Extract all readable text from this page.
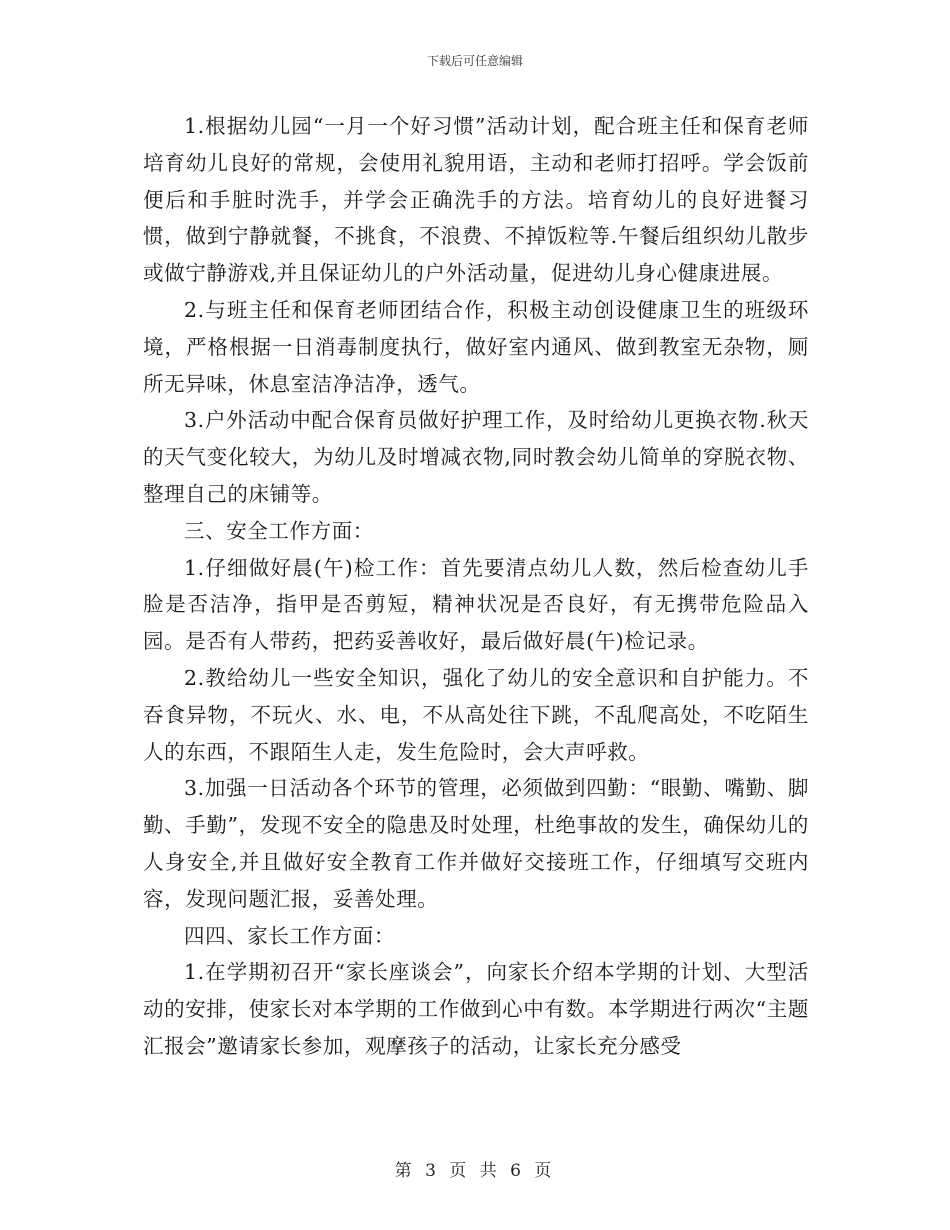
下载后可任意编辑

1.根据幼儿园“一月一个好习惯”活动计划，配合班主任和保育老师培育幼儿良好的常规，会使用礼貌用语，主动和老师打招呼。学会饭前便后和手脏时洗手，并学会正确洗手的方法。培育幼儿的良好进餐习惯，做到宁静就餐，不挑食，不浪费、不掉饭粒等.午餐后组织幼儿散步或做宁静游戏,并且保证幼儿的户外活动量，促进幼儿身心健康进展。

2.与班主任和保育老师团结合作，积极主动创设健康卫生的班级环境，严格根据一日消毒制度执行，做好室内通风、做到教室无杂物，厕所无异味，休息室洁净洁净，透气。

3.户外活动中配合保育员做好护理工作，及时给幼儿更换衣物.秋天的天气变化较大，为幼儿及时增减衣物,同时教会幼儿简单的穿脱衣物、整理自己的床铺等。

三、安全工作方面：

1.仔细做好晨(午)检工作：首先要清点幼儿人数，然后检查幼儿手脸是否洁净，指甲是否剪短，精神状况是否良好，有无携带危险品入园。是否有人带药，把药妥善收好，最后做好晨(午)检记录。

2.教给幼儿一些安全知识，强化了幼儿的安全意识和自护能力。不吞食异物，不玩火、水、电，不从高处往下跳，不乱爬高处，不吃陌生人的东西，不跟陌生人走，发生危险时，会大声呼救。

3.加强一日活动各个环节的管理，必须做到四勤：“眼勤、嘴勤、脚勤、手勤”，发现不安全的隐患及时处理，杜绝事故的发生，确保幼儿的人身安全,并且做好安全教育工作并做好交接班工作，仔细填写交班内容，发现问题汇报，妥善处理。

四四、家长工作方面：

1.在学期初召开“家长座谈会”，向家长介绍本学期的计划、大型活动的安排，使家长对本学期的工作做到心中有数。本学期进行两次“主题汇报会”邀请家长参加，观摩孩子的活动，让家长充分感受

第 3 页 共 6 页
